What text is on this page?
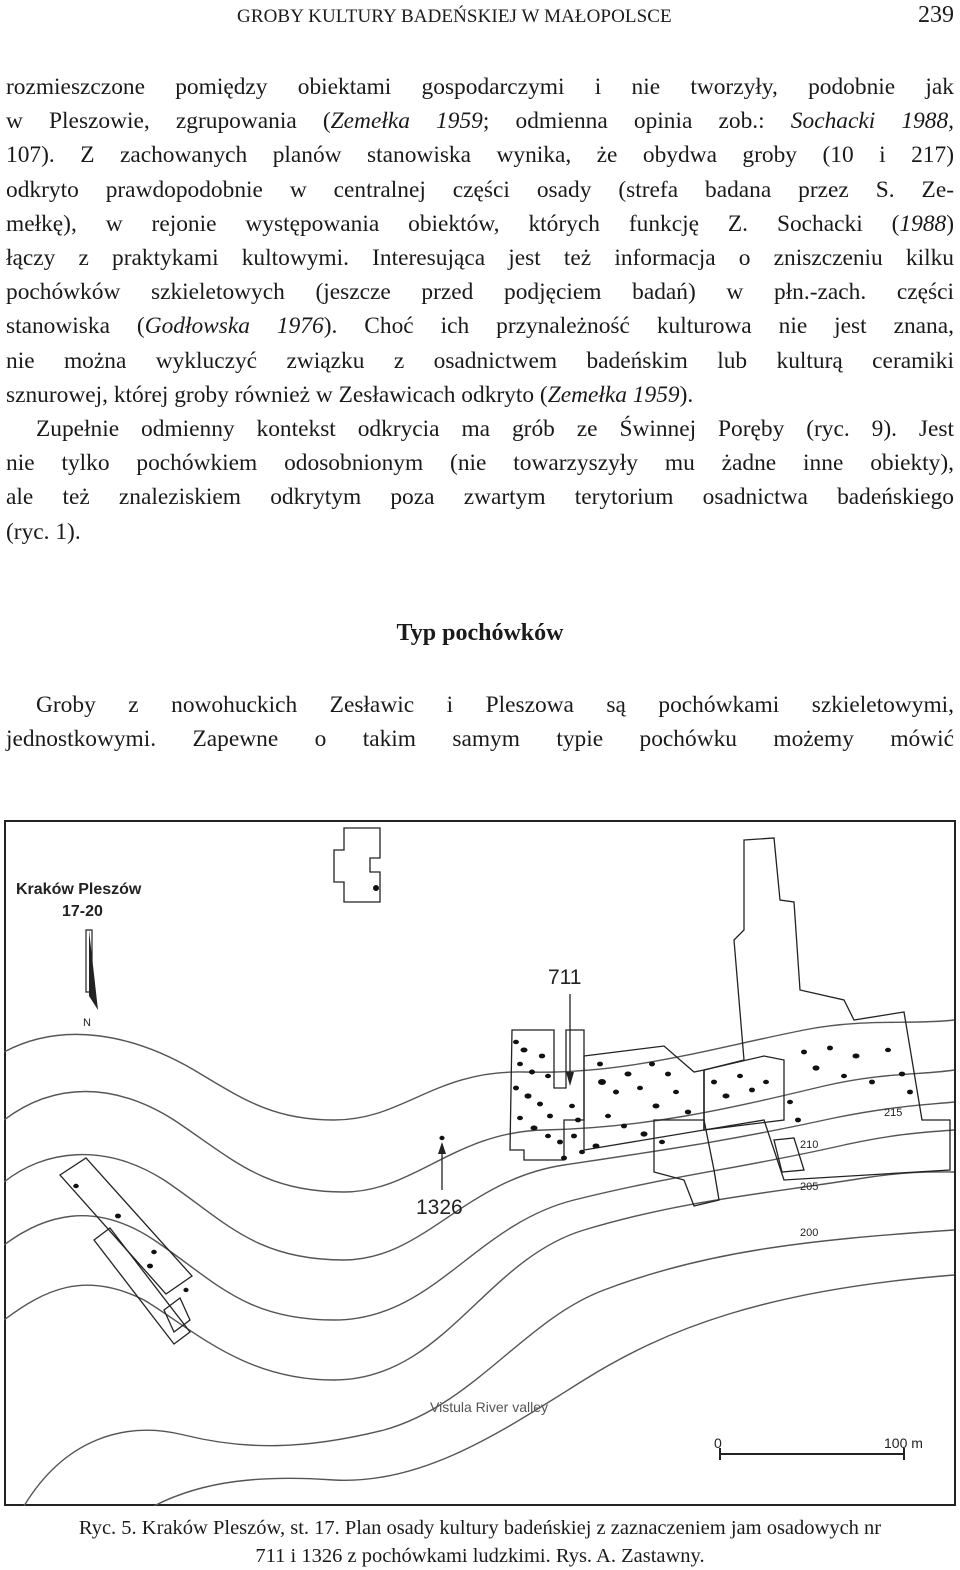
GROBY KULTURY BADEŃSKIEJ W MAŁOPOLSCE	239

rozmieszczone pomiędzy obiektami gospodarczymi i nie tworzyły, podobnie jak
w Pleszowie, zgrupowania (Zemełka 1959; odmienna opinia zob.: Sochacki 1988,
107). Z zachowanych planów stanowiska wynika, że obydwa groby (10 i 217)
odkryto prawdopodobnie w centralnej części osady (strefa badana przez S. Ze-
mełkę), w rejonie występowania obiektów, których funkcję Z. Sochacki (1988)
łączy z praktykami kultowymi. Interesująca jest też informacja o zniszczeniu kilku
pochówków szkieletowych (jeszcze przed podjęciem badań) w płn.-zach. części
stanowiska (Godłowska 1976). Choć ich przynależność kulturowa nie jest znana,
nie można wykluczyć związku z osadnictwem badeńskim lub kulturą ceramiki
sznurowej, której groby również w Zesławicach odkryto (Zemełka 1959).

Zupełnie odmienny kontekst odkrycia ma grób ze Świnnej Poręby (ryc. 9). Jest
nie tylko pochówkiem odosobnionym (nie towarzyszyły mu żadne inne obiekty),
ale też znaleziskiem odkrytym poza zwartym terytorium osadnictwa badeńskiego
(ryc. 1).

Typ pochówków

Groby z nowohuckich Zesławic i Pleszowa są pochówkami szkieletowymi,
jednostkowymi. Zapewne o takim samym typie pochówku możemy mówić

N
Kraków Pleszów
17-20
711
1326
215
210
205
200
Vistula River valley
0	100 m
Ryc. 5. Kraków Pleszów, st. 17. Plan osady kultury badeńskiej z zaznaczeniem jam osadowych nr
711 i 1326 z pochówkami ludzkimi. Rys. A. Zastawny.
